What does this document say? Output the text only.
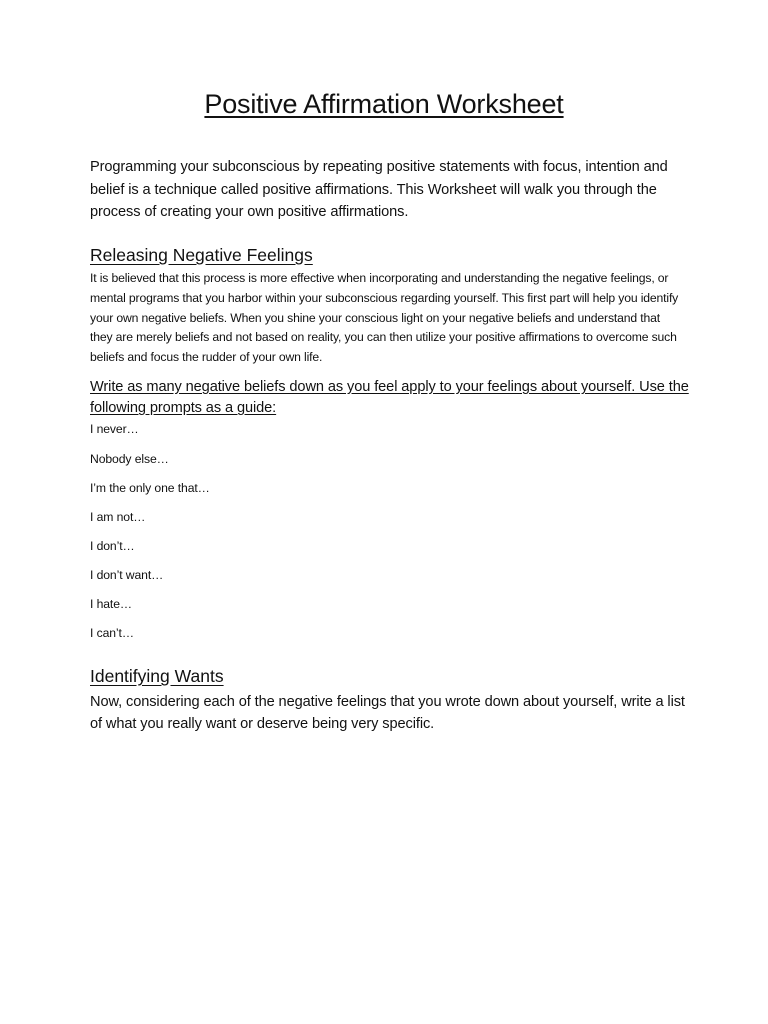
Positive Affirmation Worksheet
Programming your subconscious by repeating positive statements with focus, intention and belief is a technique called positive affirmations. This Worksheet will walk you through the process of creating your own positive affirmations.
Releasing Negative Feelings
It is believed that this process is more effective when incorporating and understanding the negative feelings, or mental programs that you harbor within your subconscious regarding yourself. This first part will help you identify your own negative beliefs. When you shine your conscious light on your negative beliefs and understand that they are merely beliefs and not based on reality, you can then utilize your positive affirmations to overcome such beliefs and focus the rudder of your own life.
Write as many negative beliefs down as you feel apply to your feelings about yourself. Use the following prompts as a guide:
I never…
Nobody else…
I’m the only one that…
I am not…
I don’t…
I don’t want…
I hate…
I can’t…
Identifying Wants
Now, considering each of the negative feelings that you wrote down about yourself, write a list of what you really want or deserve being very specific.
